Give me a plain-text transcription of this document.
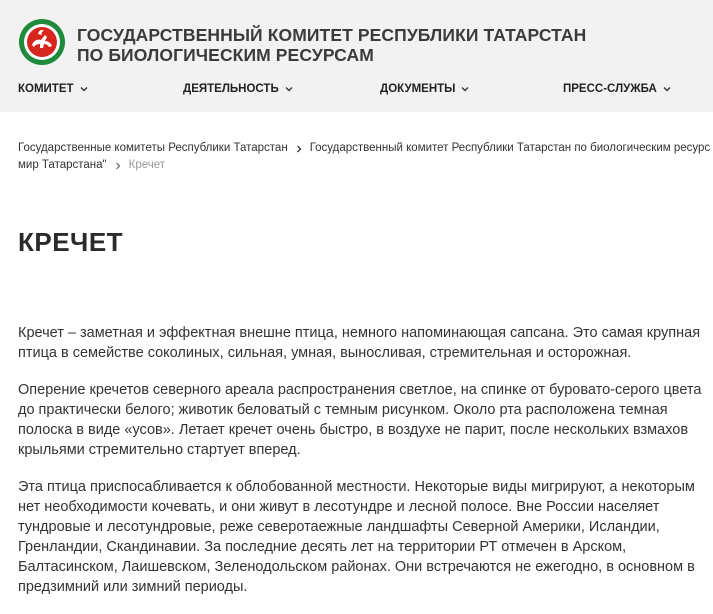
ГОСУДАРСТВЕННЫЙ КОМИТЕТ РЕСПУБЛИКИ ТАТАРСТАН
ПО БИОЛОГИЧЕСКИМ РЕСУРСАМ
КОМИТЕТ	ДЕЯТЕЛЬНОСТЬ	ДОКУМЕНТЫ	ПРЕСС-СЛУЖБА
Государственные комитеты Республики Татарстан Государственный комитет Республики Татарстан по биологическим ресурс
мир Татарстана" Кречет
КРЕЧЕТ

Кречет – заметная и эффектная внешне птица, немного напоминающая сапсана. Это самая крупная птица в семействе соколиных, сильная, умная, выносливая, стремительная и осторожная.

Оперение кречетов северного ареала распространения светлое, на спинке от буровато-серого цвета до практически белого; животик беловатый с темным рисунком. Около рта расположена темная полоска в виде «усов». Летает кречет очень быстро, в воздухе не парит, после нескольких взмахов крыльями стремительно стартует вперед.

Эта птица приспосабливается к облобованной местности. Некоторые виды мигрируют, а некоторым нет необходимости кочевать, и они живут в лесотундре и лесной полосе. Вне России населяет тундровые и лесотундровые, реже северотаежные ландшафты Северной Америки, Исландии, Гренландии, Скандинавии. За последние десять лет на территории РТ отмечен в Арском, Балтасинском, Лаишевском, Зеленодольском районах. Они встречаются не ежегодно, в основном в предзимний или зимний периоды.
